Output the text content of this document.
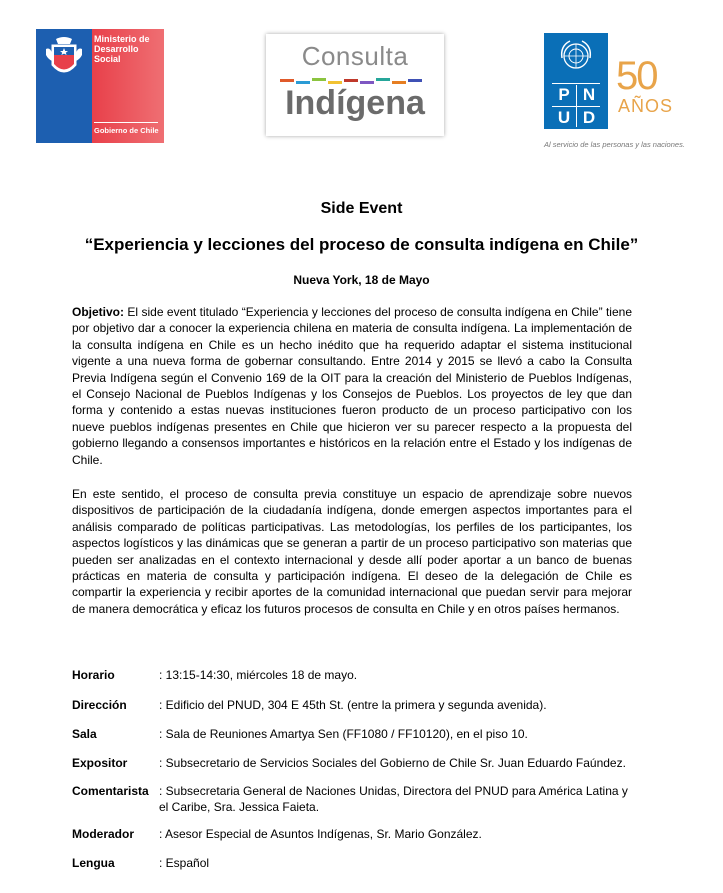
Ministerio de
Desarrollo
Social
Gobierno de Chile
Consulta
Indígena	P N
U D
50
AÑOS
Al servicio de las personas y las naciones.
Side Event
“Experiencia y lecciones del proceso de consulta indígena en Chile”
Nueva York, 18 de Mayo
Objetivo: El side event titulado “Experiencia y lecciones del proceso de consulta indígena en Chile” tiene por objetivo dar a conocer la experiencia chilena en materia de consulta indígena. La implementación de la consulta indígena en Chile es un hecho inédito que ha requerido adaptar el sistema institucional vigente a una nueva forma de gobernar consultando. Entre 2014 y 2015 se llevó a cabo la Consulta Previa Indígena según el Convenio 169 de la OIT para la creación del Ministerio de Pueblos Indígenas, el Consejo Nacional de Pueblos Indígenas y los Consejos de Pueblos. Los proyectos de ley que dan forma y contenido a estas nuevas instituciones fueron producto de un proceso participativo con los nueve pueblos indígenas presentes en Chile que hicieron ver su parecer respecto a la propuesta del gobierno llegando a consensos importantes e históricos en la relación entre el Estado y los indígenas de Chile.
En este sentido, el proceso de consulta previa constituye un espacio de aprendizaje sobre nuevos dispositivos de participación de la ciudadanía indígena, donde emergen aspectos importantes para el análisis comparado de políticas participativas. Las metodologías, los perfiles de los participantes, los aspectos logísticos y las dinámicas que se generan a partir de un proceso participativo son materias que pueden ser analizadas en el contexto internacional y desde allí poder aportar a un banco de buenas prácticas en materia de consulta y participación indígena. El deseo de la delegación de Chile es compartir la experiencia y recibir aportes de la comunidad internacional que puedan servir para mejorar de manera democrática y eficaz los futuros procesos de consulta en Chile y en otros países hermanos.
Horario	: 13:15-14:30, miércoles 18 de mayo.
Dirección	: Edificio del PNUD, 304 E 45th St. (entre la primera y segunda avenida).
Sala	: Sala de Reuniones Amartya Sen (FF1080 / FF10120), en el piso 10.
Expositor	: Subsecretario de Servicios Sociales del Gobierno de Chile Sr. Juan Eduardo Faúndez.
Comentarista : Subsecretaria General de Naciones Unidas, Directora del PNUD para América Latina y el Caribe, Sra. Jessica Faieta.
Moderador	: Asesor Especial de Asuntos Indígenas, Sr. Mario González.
Lengua	: Español
